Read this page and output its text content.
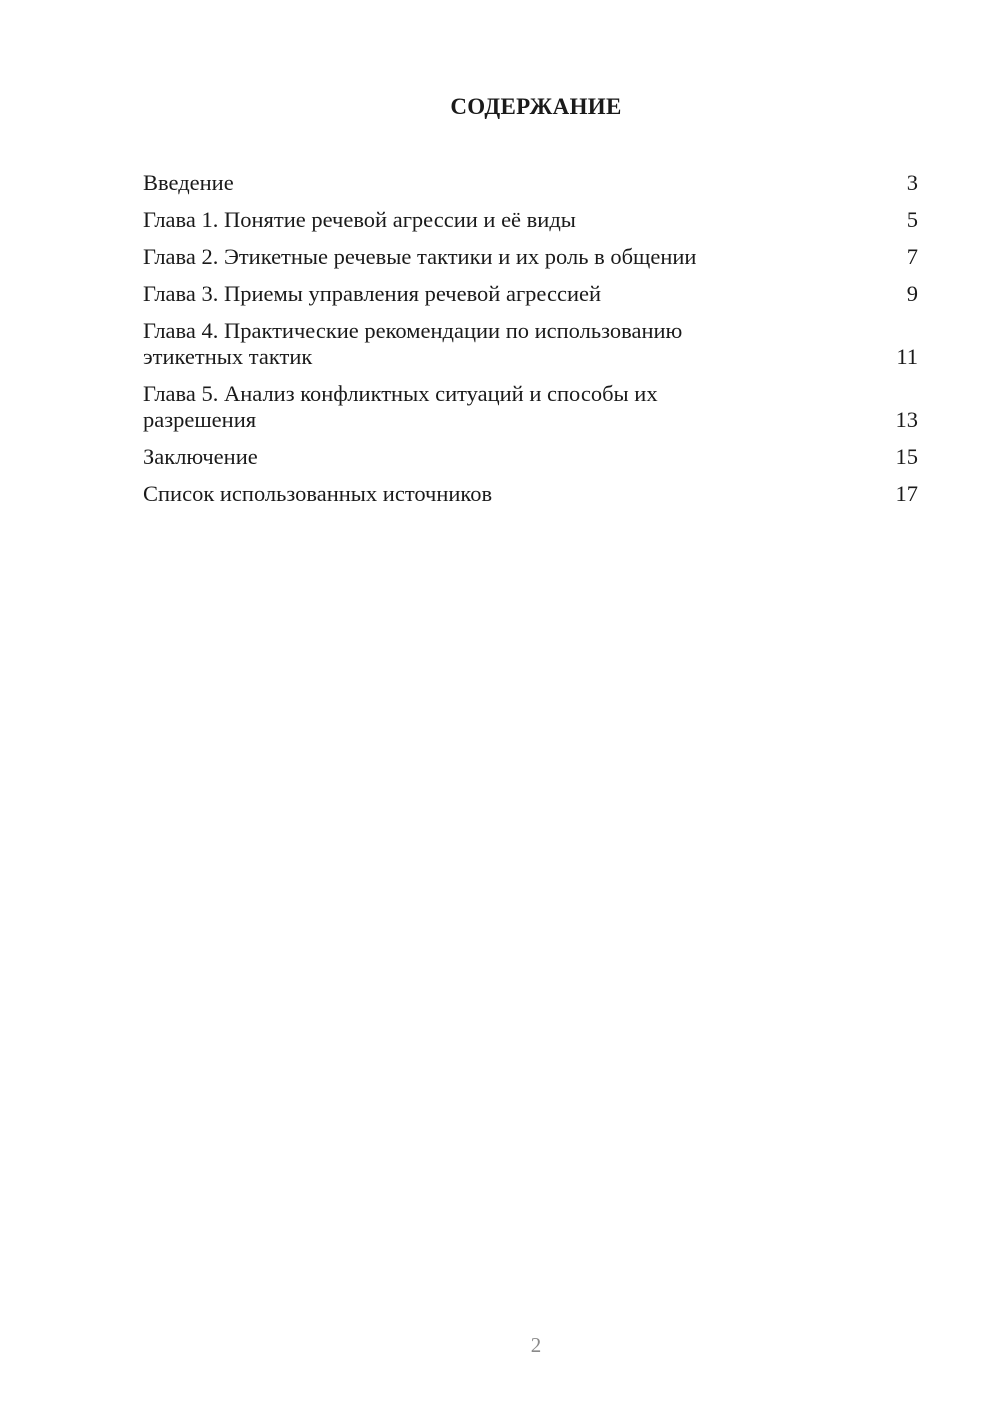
СОДЕРЖАНИЕ
Введение	3
Глава 1. Понятие речевой агрессии и её виды	5
Глава 2. Этикетные речевые тактики и их роль в общении	7
Глава 3. Приемы управления речевой агрессией	9
Глава 4. Практические рекомендации по использованию этикетных тактик	11
Глава 5. Анализ конфликтных ситуаций и способы их разрешения	13
Заключение	15
Список использованных источников	17
2
